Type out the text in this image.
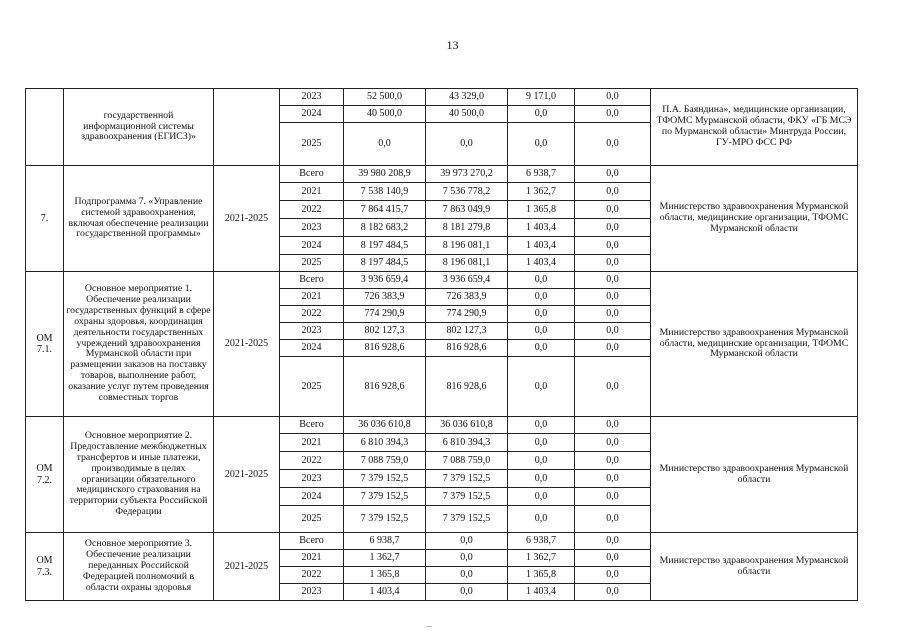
13
	государственной информационной системы здравоохранения (ЕГИСЗ)»		2023	52 500,0	43 329,0	9 171,0	0,0	П.А. Баяндина», медицинские организации, ТФОМС Мурманской области, ФКУ «ГБ МСЭ по Мурманской области» Минтруда России, ГУ-МРО ФСС РФ
			2024	40 500,0	40 500,0	0,0	0,0	
			2025	0,0	0,0	0,0	0,0	
7.	Подпрограмма 7. «Управление системой здравоохранения, включая обеспечение реализации государственной программы»	2021-2025	Всего	39 980 208,9	39 973 270,2	6 938,7	0,0	Министерство здравоохранения Мурманской области, медицинские организации, ТФОМС Мурманской области
			2021	7 538 140,9	7 536 778,2	1 362,7	0,0	
			2022	7 864 415,7	7 863 049,9	1 365,8	0,0	
			2023	8 182 683,2	8 181 279,8	1 403,4	0,0	
			2024	8 197 484,5	8 196 081,1	1 403,4	0,0	
			2025	8 197 484,5	8 196 081,1	1 403,4	0,0	
ОМ 7.1.	Основное мероприятие 1. Обеспечение реализации государственных функций в сфере охраны здоровья, координация деятельности государственных учреждений здравоохранения Мурманской области при размещении заказов на поставку товаров, выполнение работ, оказание услуг путем проведения совместных торгов	2021-2025	Всего	3 936 659,4	3 936 659,4	0,0	0,0	Министерство здравоохранения Мурманской области, медицинские организации, ТФОМС Мурманской области
			2021	726 383,9	726 383,9	0,0	0,0	
			2022	774 290,9	774 290,9	0,0	0,0	
			2023	802 127,3	802 127,3	0,0	0,0	
			2024	816 928,6	816 928,6	0,0	0,0	
			2025	816 928,6	816 928,6	0,0	0,0	
ОМ 7.2.	Основное мероприятие 2. Предоставление межбюджетных трансфертов и иные платежи, производимые в целях организации обязательного медицинского страхования на территории субъекта Российской Федерации	2021-2025	Всего	36 036 610,8	36 036 610,8	0,0	0,0	Министерство здравоохранения Мурманской области
			2021	6 810 394,3	6 810 394,3	0,0	0,0	
			2022	7 088 759,0	7 088 759,0	0,0	0,0	
			2023	7 379 152,5	7 379 152,5	0,0	0,0	
			2024	7 379 152,5	7 379 152,5	0,0	0,0	
			2025	7 379 152,5	7 379 152,5	0,0	0,0	
ОМ 7.3.	Основное мероприятие 3. Обеспечение реализации переданных Российской Федерацией полномочий в области охраны здоровья	2021-2025	Всего	6 938,7	0,0	6 938,7	0,0	Министерство здравоохранения Мурманской области
			2021	1 362,7	0,0	1 362,7	0,0	
			2022	1 365,8	0,0	1 365,8	0,0	
			2023	1 403,4	0,0	1 403,4	0,0	
